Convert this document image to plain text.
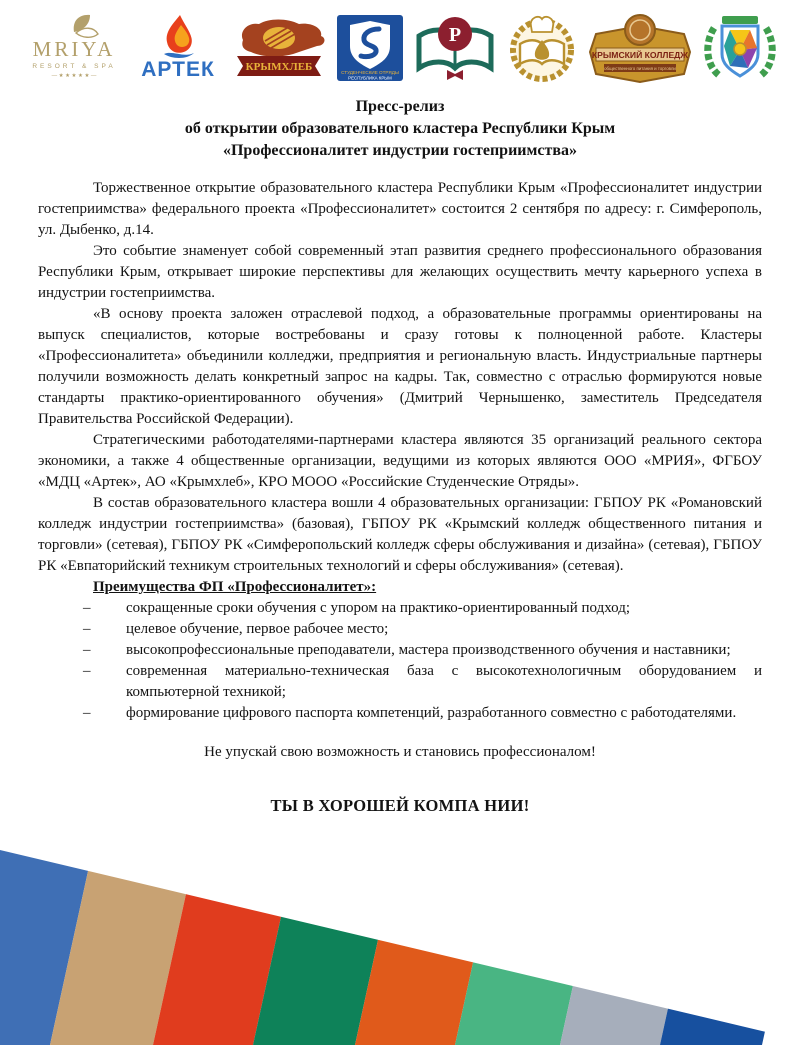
MRIYA
RESORT & SPA
— ★ ★ ★ ★ ★ — АРТЕК	КРЫМХЛЕБ	СТУДЕНЧЕСКИЕ ОТРЯДЫ
РЕСПУБЛИКА КРЫМ
Р
КРЫМСКИЙ КОЛЛЕДЖ
общественного питания и торговли
Пресс-релиз
об открытии образовательного кластера Республики Крым
«Профессионалитет индустрии гостеприимства»

Торжественное открытие образовательного кластера Республики Крым «Профессионалитет индустрии гостеприимства» федерального проекта «Профессионалитет» состоится 2 сентября по адресу: г. Симферополь, ул. Дыбенко, д.14.

Это событие знаменует собой современный этап развития среднего профессионального образования Республики Крым, открывает широкие перспективы для желающих осуществить мечту карьерного успеха в индустрии гостеприимства.

«В основу проекта заложен отраслевой подход, а образовательные программы ориентированы на выпуск специалистов, которые востребованы и сразу готовы к полноценной работе. Кластеры «Профессионалитета» объединили колледжи, предприятия и региональную власть. Индустриальные партнеры получили возможность делать конкретный запрос на кадры. Так, совместно с отраслью формируются новые стандарты практико-ориентированного обучения» (Дмитрий Чернышенко, заместитель Председателя Правительства Российской Федерации).

Стратегическими работодателями-партнерами кластера являются 35 организаций реального сектора экономики, а также 4 общественные организации, ведущими из которых являются ООО «МРИЯ», ФГБОУ «МДЦ «Артек», АО «Крымхлеб», КРО МООО «Российские Студенческие Отряды».

В состав образовательного кластера вошли 4 образовательных организации: ГБПОУ РК «Романовский колледж индустрии гостеприимства» (базовая), ГБПОУ РК «Крымский колледж общественного питания и торговли» (сетевая), ГБПОУ РК «Симферопольский колледж сферы обслуживания и дизайна» (сетевая), ГБПОУ РК «Евпаторийский техникум строительных технологий и сферы обслуживания» (сетевая).

Преимущества ФП «Профессионалитет»:

– сокращенные сроки обучения с упором на практико-ориентированный подход;
– целевое обучение, первое рабочее место;
– высокопрофессиональные преподаватели, мастера производственного обучения и наставники;
– современная материально-техническая база с высокотехнологичным оборудованием и компьютерной техникой;
– формирование цифрового паспорта компетенций, разработанного совместно с работодателями.

Не упускай свою возможность и становись профессионалом!

ТЫ В ХОРОШЕЙ КОМПА НИИ!
